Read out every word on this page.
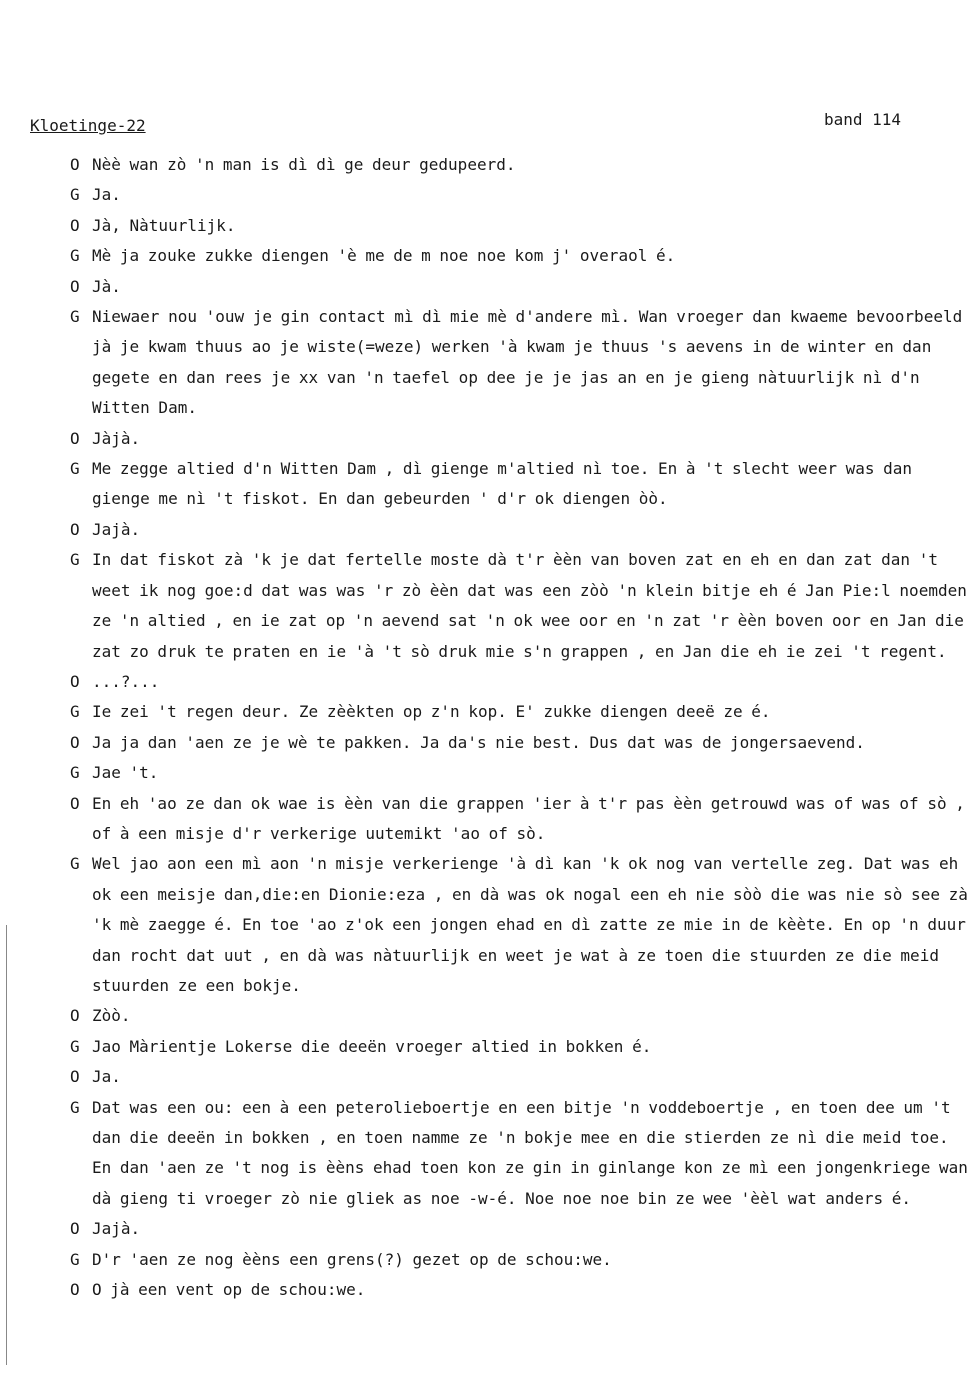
Kloetinge-22	band 114
O Nèè wan zò 'n man is dì dì ge deur gedupeerd.
G Ja.
O Jà, Nàtuurlijk.
G Mè ja zouke zukke diengen 'è me de m noe noe kom j' overaol é.
O Jà.
G Niewaer nou 'ouw je gin contact mì dì mie mè d'andere mì. Wan vroeger dan kwaeme bevoorbeeld jà je kwam thuus ao je wiste(=weze) werken 'à kwam je thuus 's aevens in de winter en dan gegete en dan rees je xx van 'n taefel op dee je je jas an en je gieng nàtuurlijk nì d'n Witten Dam.
O Jàjà.
G Me zegge altied d'n Witten Dam , dì gienge m'altied nì toe. En à 't slecht weer was dan gienge me nì 't fiskot. En dan gebeurden ' d'r ok diengen òò.
O Jajà.
G In dat fiskot zà 'k je dat fertelle moste dà t'r èèn van boven zat en eh en dan zat dan 't weet ik nog goe:d dat was was 'r zò èèn dat was een zòò 'n klein bitje eh é Jan Pie:l noemden ze 'n altied , en ie zat op 'n aevend sat 'n ok wee oor en 'n zat 'r èèn boven oor en Jan die zat zo druk te praten en ie 'à 't sò druk mie s'n grappen , en Jan die eh ie zei 't regent.
O ...?...
G Ie zei 't regen deur. Ze zèèkten op z'n kop. E' zukke diengen deeë ze é.
O Ja ja dan 'aen ze je wè te pakken. Ja da's nie best. Dus dat was de jongersaevend.
G Jae 't.
O En eh 'ao ze dan ok wae is èèn van die grappen 'ier à t'r pas èèn getrouwd was of was of sò , of à een misje d'r verkerige uutemikt 'ao of sò.
G Wel jao aon een mì aon 'n misje verkerienge 'à dì kan 'k ok nog van vertelle zeg. Dat was eh ok een meisje dan,die:en Dionie:eza , en dà was ok nogal een eh nie sòò die was nie sò see zà 'k mè zaegge é. En toe 'ao z'ok een jongen ehad en dì zatte ze mie in de kèète. En op 'n duur dan rocht dat uut , en dà was nàtuurlijk en weet je wat à ze toen die stuurden ze die meid stuurden ze een bokje.
O Zòò.
G Jao Màrientje Lokerse die deeën vroeger altied in bokken é.
O Ja.
G Dat was een ou: een à een peterolieboertje en een bitje 'n voddeboertje , en toen dee um 't dan die deeën in bokken , en toen namme ze 'n bokje mee en die stierden ze nì die meid toe. En dan 'aen ze 't nog is èèns ehad toen kon ze gin in ginlange kon ze mì een jongenkriege wan dà gieng ti vroeger zò nie gliek as noe -w-é. Noe noe noe bin ze wee 'èèl wat anders é.
O Jajà.
G D'r 'aen ze nog èèns een grens(?) gezet op de schou:we.
O O jà een vent op de schou:we.
